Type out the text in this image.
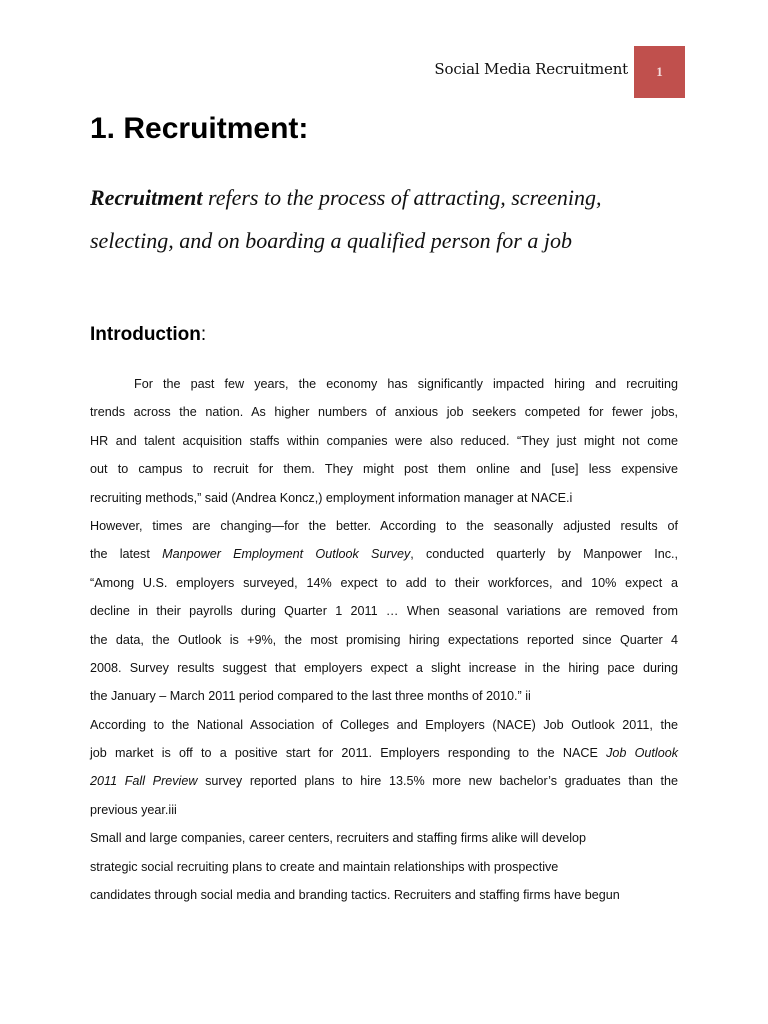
Social Media Recruitment 1
1. Recruitment:
Recruitment refers to the process of attracting, screening,
selecting, and on boarding a qualified person for a job
Introduction:
For the past few years, the economy has significantly impacted hiring and recruiting
trends across the nation. As higher numbers of anxious job seekers competed for fewer jobs,
HR and talent acquisition staffs within companies were also reduced. “They just might not come
out to campus to recruit for them. They might post them online and [use] less expensive
recruiting methods,” said (Andrea Koncz,) employment information manager at NACE.i
However, times are changing—for the better. According to the seasonally adjusted results of
the latest Manpower Employment Outlook Survey, conducted quarterly by Manpower Inc.,
“Among U.S. employers surveyed, 14% expect to add to their workforces, and 10% expect a
decline in their payrolls during Quarter 1 2011 … When seasonal variations are removed from
the data, the Outlook is +9%, the most promising hiring expectations reported since Quarter 4
2008. Survey results suggest that employers expect a slight increase in the hiring pace during
the January – March 2011 period compared to the last three months of 2010.” ii
According to the National Association of Colleges and Employers (NACE) Job Outlook 2011, the
job market is off to a positive start for 2011. Employers responding to the NACE Job Outlook
2011 Fall Preview survey reported plans to hire 13.5% more new bachelor’s graduates than the
previous year.iii
Small and large companies, career centers, recruiters and staffing firms alike will develop
strategic social recruiting plans to create and maintain relationships with prospective
candidates through social media and branding tactics. Recruiters and staffing firms have begun
